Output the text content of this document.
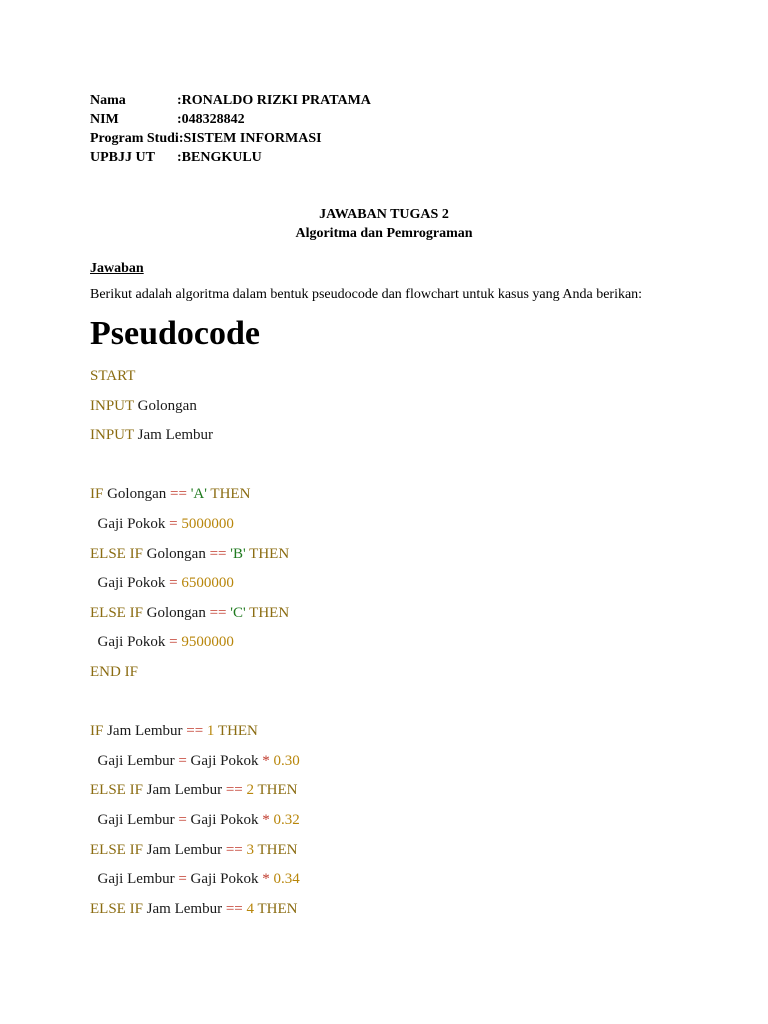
Nama	:RONALDO RIZKI PRATAMA
NIM	:048328842
Program Studi:SISTEM INFORMASI
UPBJJ UT :BENGKULU
JAWABAN TUGAS 2
Algoritma dan Pemrograman
Jawaban
Berikut adalah algoritma dalam bentuk pseudocode dan flowchart untuk kasus yang Anda berikan:
Pseudocode
START
INPUT Golongan
INPUT Jam Lembur
IF Golongan == 'A' THEN
Gaji Pokok = 5000000
ELSE IF Golongan == 'B' THEN
Gaji Pokok = 6500000
ELSE IF Golongan == 'C' THEN
Gaji Pokok = 9500000
END IF
IF Jam Lembur == 1 THEN
Gaji Lembur = Gaji Pokok * 0.30
ELSE IF Jam Lembur == 2 THEN
Gaji Lembur = Gaji Pokok * 0.32
ELSE IF Jam Lembur == 3 THEN
Gaji Lembur = Gaji Pokok * 0.34
ELSE IF Jam Lembur == 4 THEN
